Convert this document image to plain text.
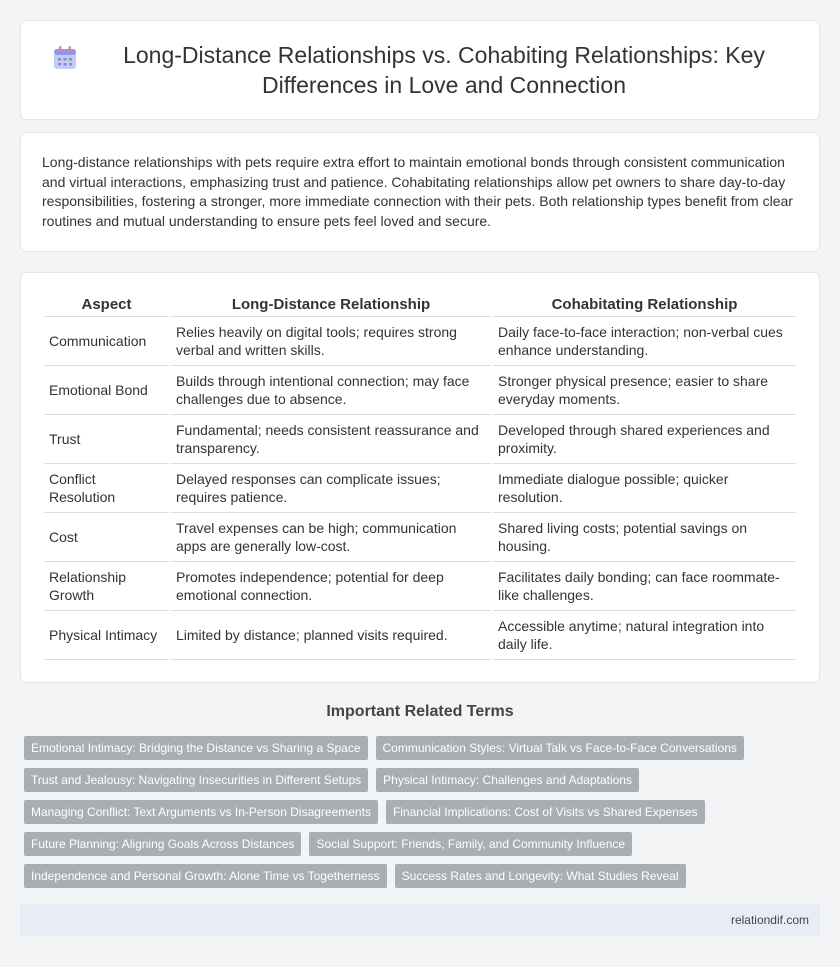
Long-Distance Relationships vs. Cohabiting Relationships: Key Differences in Love and Connection

Long-distance relationships with pets require extra effort to maintain emotional bonds through consistent communication and virtual interactions, emphasizing trust and patience. Cohabitating relationships allow pet owners to share day-to-day responsibilities, fostering a stronger, more immediate connection with their pets. Both relationship types benefit from clear routines and mutual understanding to ensure pets feel loved and secure.

Aspect	Long-Distance Relationship	Cohabitating Relationship
Communication	Relies heavily on digital tools; requires strong verbal and written skills.	Daily face-to-face interaction; non-verbal cues enhance understanding.
Emotional Bond	Builds through intentional connection; may face challenges due to absence.	Stronger physical presence; easier to share everyday moments.
Trust	Fundamental; needs consistent reassurance and transparency.	Developed through shared experiences and proximity.
Conflict Resolution	Delayed responses can complicate issues; requires patience.	Immediate dialogue possible; quicker resolution.
Cost	Travel expenses can be high; communication apps are generally low-cost.	Shared living costs; potential savings on housing.
Relationship Growth	Promotes independence; potential for deep emotional connection.	Facilitates daily bonding; can face roommate-like challenges.
Physical Intimacy	Limited by distance; planned visits required.	Accessible anytime; natural integration into daily life.
Important Related Terms
Emotional Intimacy: Bridging the Distance vs Sharing a Space	Communication Styles: Virtual Talk vs Face-to-Face Conversations
Trust and Jealousy: Navigating Insecurities in Different Setups	Physical Intimacy: Challenges and Adaptations
Managing Conflict: Text Arguments vs In-Person Disagreements	Financial Implications: Cost of Visits vs Shared Expenses
Future Planning: Aligning Goals Across Distances	Social Support: Friends, Family, and Community Influence
Independence and Personal Growth: Alone Time vs Togetherness	Success Rates and Longevity: What Studies Reveal
relationdif.com
